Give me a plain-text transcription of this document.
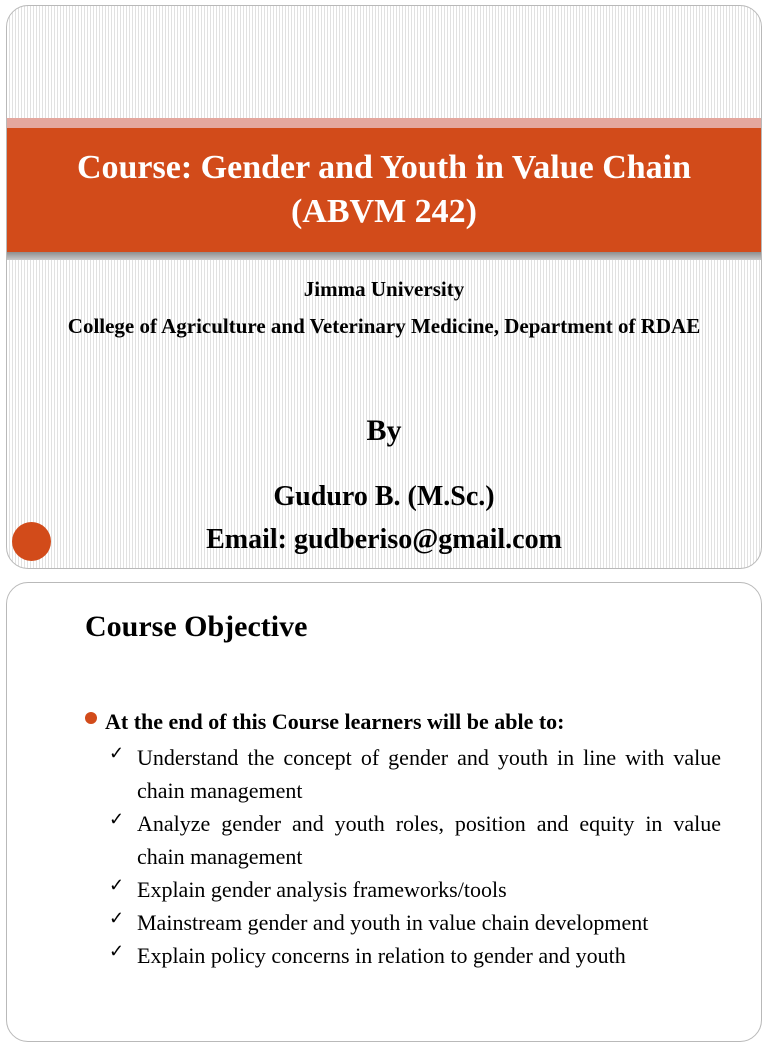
Course: Gender and Youth in Value Chain
(ABVM 242)
Jimma University
College of Agriculture and Veterinary Medicine, Department of RDAE
By
Guduro B. (M.Sc.)
Email: gudberiso@gmail.com
Course Objective
At the end of this Course learners will be able to:
✓ Understand the concept of gender and youth in line with value chain management
✓ Analyze gender and youth roles, position and equity in value chain management
✓ Explain gender analysis frameworks/tools
✓ Mainstream gender and youth in value chain development
✓ Explain policy concerns in relation to gender and youth
